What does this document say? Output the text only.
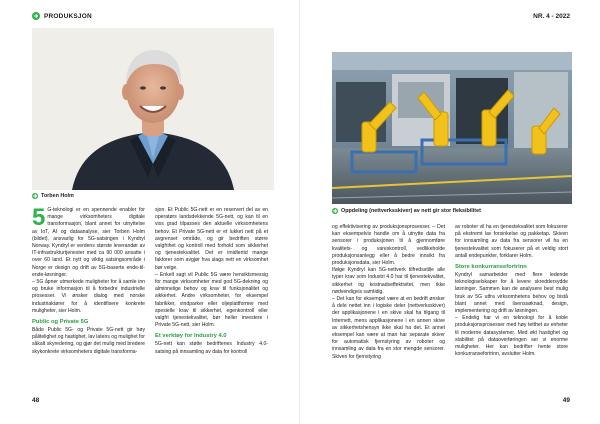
PRODUKSJON
Torben Holm

5 G-teknologi er en spennende enabler for mange virksomheters digitale transformasjon, blant annet for utnyttelse av IoT, AI og dataanalyse, sier Torben Holm (bildet), ansvarlig for 5G-satsingen i Kyndryl Norway. Kyndryl er verdens største leverandør av IT-infrastrukturtjenester med ca 90 000 ansatte i over 60 land. Et nytt og viktig satsingsområde i Norge er design og drift av 5G-baserte ende-til-ende-løsninger.

– 5G åpner utmerkede muligheter for å samle inn og bruke informasjon til å forbedre industrielle prosesser. Vi ønsker dialog med norske industriaktører for å identifisere konkrete muligheter, sier Holm.

Public og Private 5G

Både Public 5G- og Private 5G-nett gir høy pålitelighet og hastighet, lav latens og mulighet for såkalt skyredering, og gjør det mulig med bredere skykonkrete virksomheters digitale transforma-

sjon. Et Public 5G-nett er en reservert del av en operatørs landsdekkende 5G-nett, og kan til en viss grad tilpasses den aktuelle virksomhetens behov. Et Private 5G-nett er et lukket nett på et avgrenset område, og gir bedriften større valgfrihet og kontroll med forhold som sikkerhet og tjenestekvalitet. Det er imidlertid mange faktorer som avgjør hva slags nett en virksomhet bør velge.

– Enkelt sagt vil Public 5G være hensiktsmessig for mange virksomheter med god 5G-dekning og alminnelige behov og krav til funksjonalitet og sikkerhet. Andre virksomheter, for eksempel fabrikker, vindparker eller oljeplattformer med spesielle krav til sikkerhet, egenkontroll eller valgfri tjenestekvalitet, bør heller investere i Private 5G-nett, sier Holm.

Et verktøy for Industry 4.0

5G-nett kan støtte bedriftenes Industry 4.0-satsing på innsamling av data for kontroll

48
NR. 4 - 2022
Oppdeling (nettverksskiver) av nett gir stor fleksibilitet

og effektivisering av produksjonsprosesser. – Det kan eksempelvis handle om å utnytte data fra sensorer i produksjonen til å gjennomføre kvalitets- og vareskontroll, vedlikeholde produksjonsanlegg eller å bedre innsikt fra produksjonsdata, sier Holm.

Ifølge Kyndryl kan 5G-nettverk tilfredsstille alle typer krav som Industri 4.0 har til tjenestekvalitet, sikkerhet og kostnadseffektivitet, men ikke nødvendigvis samtidig.

– Det kan for eksempel være at en bedrift ønsker å dele nettet inn i logiske deler (nettverksskiver) der applikasjonene i en skive skal ha tilgang til Internett, mens applikasjonene i en annen skive av sikkerhetshensyn ikke skal ha det. Et annet eksempel kan være at man har separate skiver for automatisk fjernstyring av roboter og innsamling av data fra en stor mengde sensorer. Skiven for fjernstyring

av roboter vil ha en tjenestekvalitet som fokuserer på ekstremt lav forsinkelse og pakketap. Skiven for innsamling av data fra sensorer vil ha en tjenestekvalitet som fokuserer på et veldig stort antall endepunkter, forklarer Holm.

Store konkurransefortrinn

Kyndryl samarbeider med flere ledende teknologiselskaper for å levere skreddersydde løsninger. Sammen kan de analysere best mulig bruk av 5G utfra virksomhetens behov og bistå blant annet med lisenssøknad, design, implementering og drift av løsningen.

– Endelig har vi en teknologi for å koble produksjonsprosesser med høy tetthet av enheter til moderne datasystemer. Med økt hastighet og stabilitet på dataoverføringen ser vi enorme muligheter. Her kan bedrifter hente store konkurransefortrinn, avslutter Holm.

49
